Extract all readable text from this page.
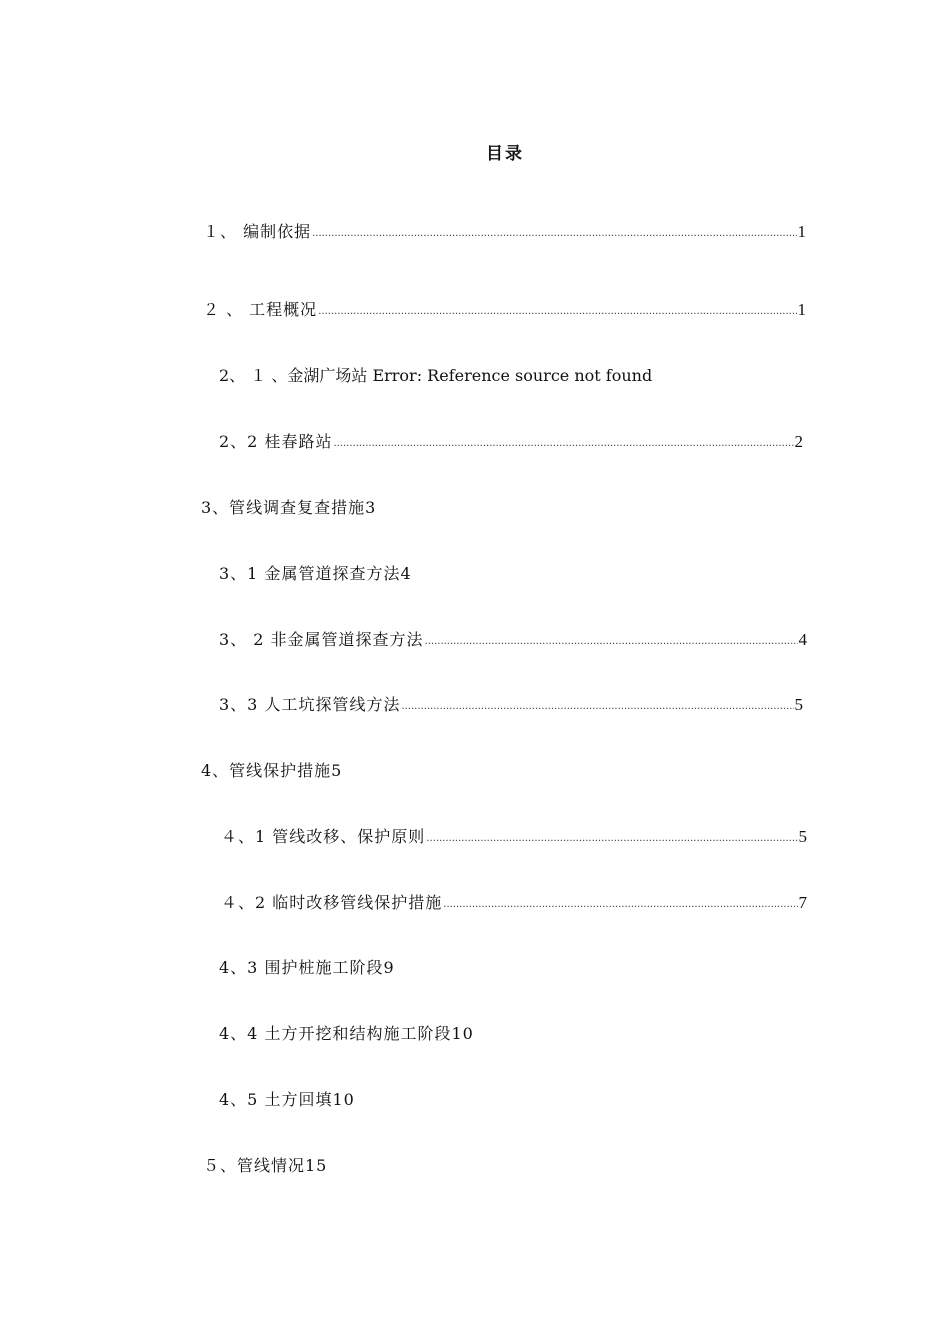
目录
１、 编制依据 .....	1
２ 、 工程概况 .....	1
2、 １ 、金湖广场站 Error: Reference source not found
2、2 桂春路站 .....	2
3、管线调查复查措施3
3、1 金属管道探查方法4
3、 2 非金属管道探查方法 .....	4
3、3 人工坑探管线方法 .....	5
4、管线保护措施5
４、1 管线改移、保护原则 .....	5
４、2 临时改移管线保护措施 .....	7
4、3 围护桩施工阶段9
4、4 土方开挖和结构施工阶段10
4、5 土方回填10
５、管线情况15
